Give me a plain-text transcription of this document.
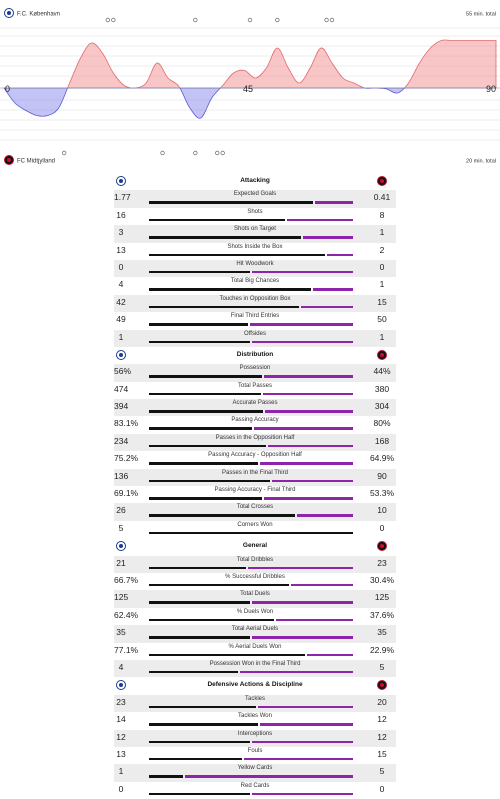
F.C. København	55 min. total
FC Midtjylland	20 min. total
0	45	90
Attacking
1.77	Expected Goals	0.41
16	Shots	8
3	Shots on Target	1
13	Shots Inside the Box	2
0	Hit Woodwork	0
4	Total Big Chances	1
42	Touches in Opposition Box	15
49	Final Third Entries	50
1	Offsides	1
Distribution
56%	Possession	44%
474	Total Passes	380
394	Accurate Passes	304
83.1%	Passing Accuracy	80%
234	Passes in the Opposition Half	168
75.2%	Passing Accuracy - Opposition Half	64.9%
136	Passes in the Final Third	90
69.1%	Passing Accuracy - Final Third	53.3%
26	Total Crosses	10
5	Corners Won	0
General
21	Total Dribbles	23
66.7%	% Successful Dribbles	30.4%
125	Total Duels	125
62.4%	% Duels Won	37.6%
35	Total Aerial Duels	35
77.1%	% Aerial Duels Won	22.9%
4	Possession Won in the Final Third	5
Defensive Actions & Discipline
23	Tackles	20
14	Tackles Won	12
12	Interceptions	12
13	Fouls	15
1	Yellow Cards	5
0	Red Cards	0
